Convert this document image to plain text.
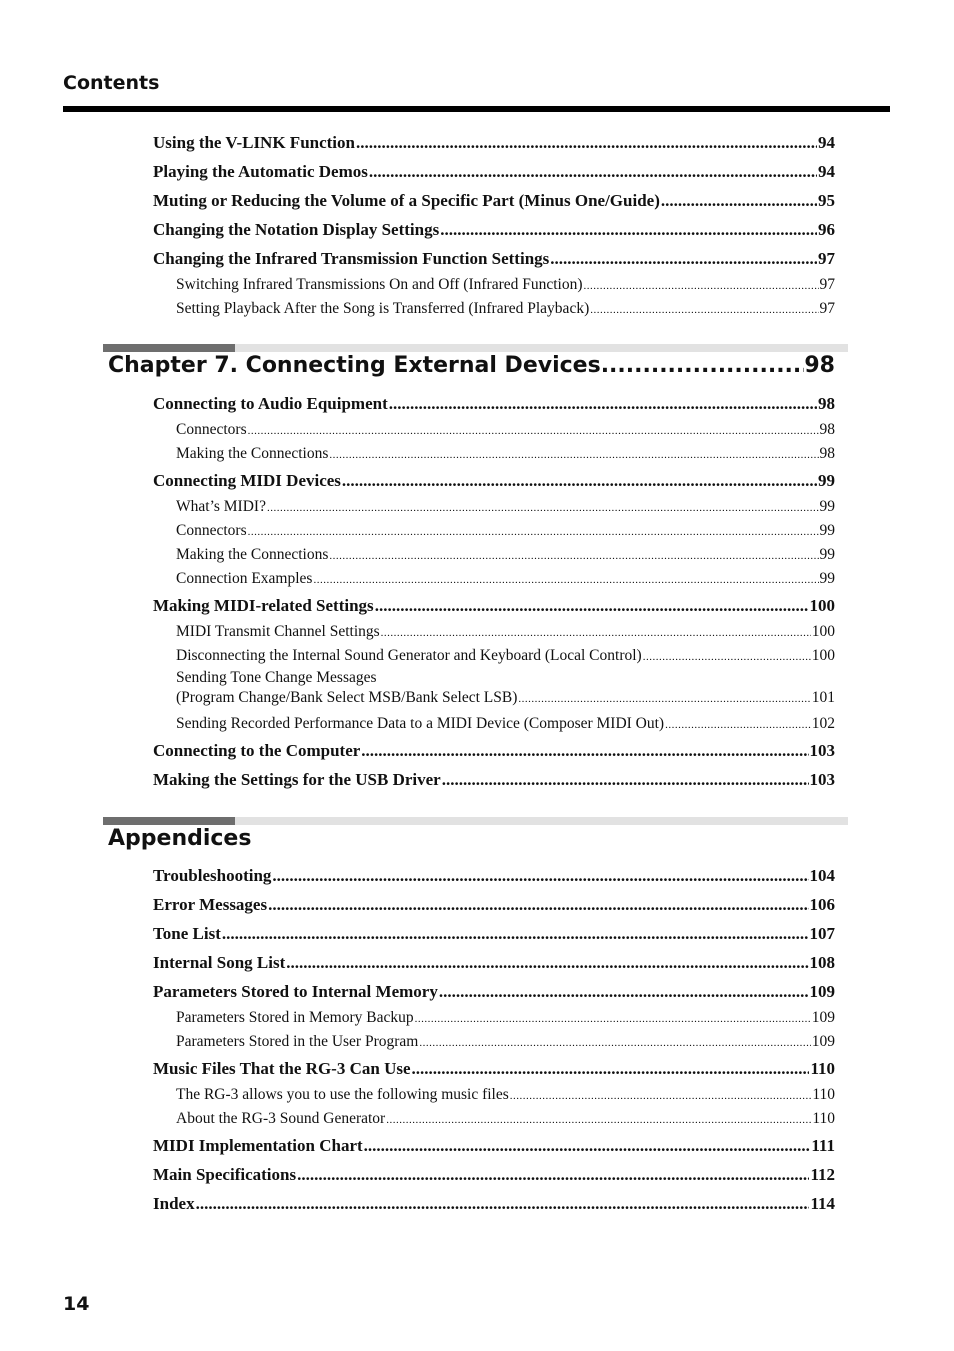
Contents
Using the V-LINK Function .....	94
Playing the Automatic Demos .....	94
Muting or Reducing the Volume of a Specific Part (Minus One/Guide) .....	95
Changing the Notation Display Settings .....	96
Changing the Infrared Transmission Function Settings .....	97
Switching Infrared Transmissions On and Off (Infrared Function) .....	97
Setting Playback After the Song is Transferred (Infrared Playback) .....	97
Chapter 7. Connecting External Devices .....	98
Connecting to Audio Equipment .....	98
Connectors .....	98
Making the Connections .....	98
Connecting MIDI Devices .....	99
What’s MIDI? .....	99
Connectors .....	99
Making the Connections .....	99
Connection Examples .....	99
Making MIDI-related Settings .....	100
MIDI Transmit Channel Settings .....	100
Disconnecting the Internal Sound Generator and Keyboard (Local Control) .....	100
Sending Tone Change Messages
(Program Change/Bank Select MSB/Bank Select LSB) .....	101
Sending Recorded Performance Data to a MIDI Device (Composer MIDI Out) .....	102
Connecting to the Computer .....	103
Making the Settings for the USB Driver .....	103
Appendices
Troubleshooting .....	104
Error Messages .....	106
Tone List .....	107
Internal Song List .....	108
Parameters Stored to Internal Memory .....	109
Parameters Stored in Memory Backup .....	109
Parameters Stored in the User Program .....	109
Music Files That the RG-3 Can Use .....	110
The RG-3 allows you to use the following music files .....	110
About the RG-3 Sound Generator .....	110
MIDI Implementation Chart .....	111
Main Specifications .....	112
Index .....	114
14
